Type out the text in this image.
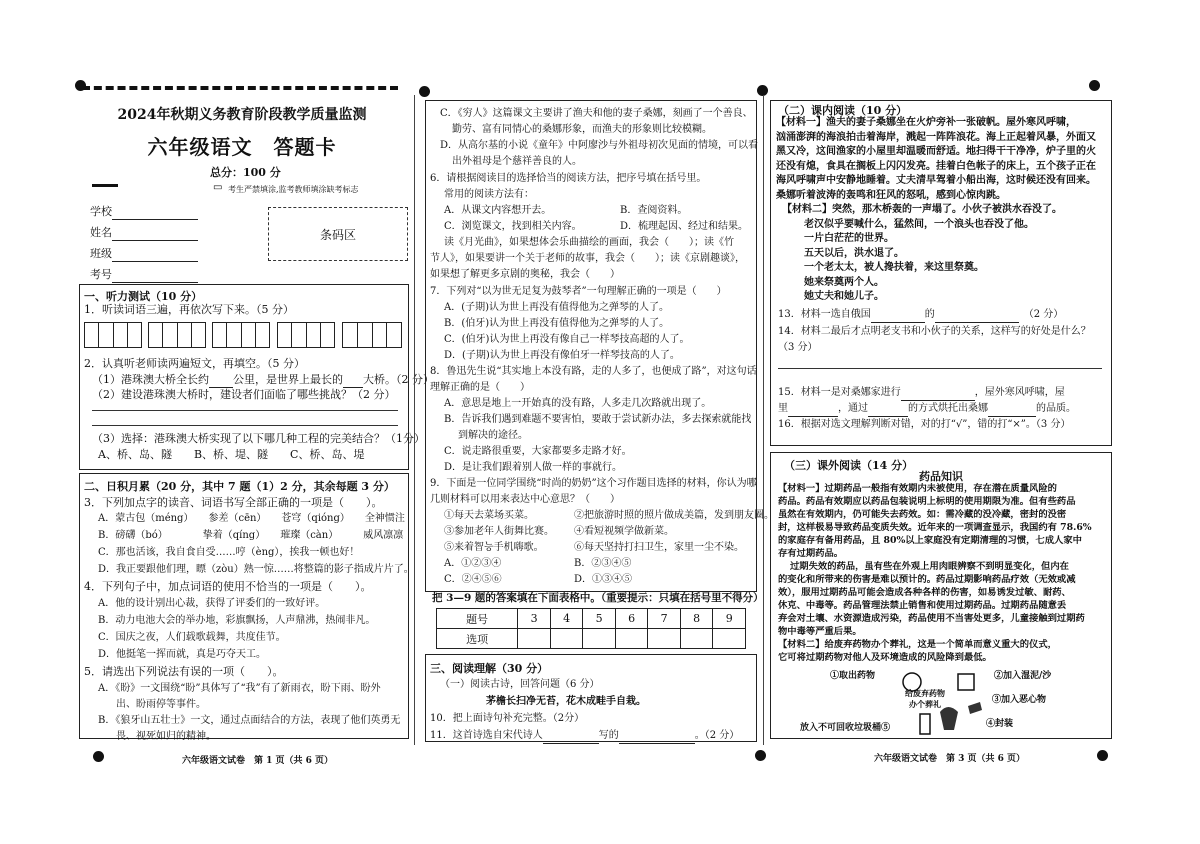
2024年秋期义务教育阶段教学质量监测
六年级语文　答题卡
总分：100 分
▭ 考生严禁填涂,监考教师填涂缺考标志
学校
姓名
班级
考号
条码区
一、听力测试（10 分）
1．听读词语三遍，再依次写下来。（5 分）
2．认真听老师读两遍短文，再填空。（5 分）
（1）港珠澳大桥全长约 公里，是世界上最长的 大桥。（2 分）
（2）建设港珠澳大桥时，建设者们面临了哪些挑战？（2 分）
（3）选择：港珠澳大桥实现了以下哪几种工程的完美结合？（1分）
A、桥、岛、隧　　B、桥、堤、隧　　C、桥、岛、堤
二、日积月累（20 分，其中 7 题（1）2 分，其余每题 3 分）
3．下列加点字的读音、词语书写全部正确的一项是（　　）。
A．蒙古包（méng）　　参差（cēn）　　苍穹（qióng）　　全神惯注
B．磅礴（bó）　　　　挚着（qíng）　　璀璨（càn）　　　威风凛凛
C．那也活该，我自食自受……哼（èng），挨我一顿也好！
D．我正要跟他们理，瞟（zòu）熟一惊……将整篇的影子指成片片了。
4．下列句子中，加点词语的使用不恰当的一项是（　　）。
A．他的设计别出心裁，获得了评委们的一致好评。
B．动力电池大会的举办地，彩旗飘扬，人声鼎沸，热闹非凡。
C．国庆之夜，人们载歌载舞，共度佳节。
D．他挺笔一挥而就，真是巧夺天工。
5．请选出下列说法有误的一项（　　）。
A．《盼》一文围绕“盼”具体写了“我”有了新雨衣，盼下雨、盼外
出、盼雨停等事件。
B．《狼牙山五壮士》一文，通过点面结合的方法，表现了他们英勇无
畏、视死如归的精神。
六年级语文试卷　第 1 页（共 6 页）
C．《穷人》这篇课文主要讲了渔夫和他的妻子桑娜，刻画了一个善良、
勤劳、富有同情心的桑娜形象，而渔夫的形象则比较模糊。
D．从高尔基的小说《童年》中阿廖沙与外祖母初次见面的情境，可以看
出外祖母是个慈祥善良的人。
6．请根据阅读目的选择恰当的阅读方法，把序号填在括号里。
常用的阅读方法有：
A．从课文内容想开去。	B．查阅资料。
C．浏览课文，找到相关内容。	D．梳理起因、经过和结果。
读《月光曲》，如果想体会乐曲描绘的画面，我会（　　）；读《竹
节人》，如果要讲一个关于老师的故事，我会（　　）；读《京剧趣谈》，
如果想了解更多京剧的奥秘，我会（　　）
7．下列对“以为世无足复为鼓琴者”一句理解正确的一项是（　　）
A．(子期)认为世上再没有值得他为之弹琴的人了。
B．(伯牙)认为世上再没有值得他为之弹琴的人了。
C．(伯牙)认为世上再没有像自己一样琴技高超的人了。
D．(子期)认为世上再没有像伯牙一样琴技高的人了。
8．鲁迅先生说“其实地上本没有路，走的人多了，也便成了路”，对这句话
理解正确的是（　　）
A．意思是地上一开始真的没有路，人多走几次路就出现了。
B．告诉我们遇到难题不要害怕，要敢于尝试新办法，多去探索就能找
到解决的途径。
C．说走路很重要，大家都要多走路才好。
D．是让我们跟着别人做一样的事就行。
9．下面是一位同学围绕“时尚的奶奶”这个习作题目选择的材料，你认为哪
几则材料可以用来表达中心意思？（　　）
①每天去菜场买菜。	②把旅游时照的照片做成美篇，发到朋友圈。
③参加老年人街舞比赛。 ④看短视频学做新菜。
⑤来着智능手机嗨歌。	⑥每天坚持打扫卫生，家里一尘不染。
A．①②③④	B．②③④⑤
C．②④⑤⑥	D．①③④⑤
把 3—9 题的答案填在下面表格中。（重要提示：只填在括号里不得分）
题号	3	4	5	6	7	8	9
选项							
三、阅读理解（30 分）
（一）阅读古诗，回答问题（6 分）
茅檐长扫净无苔，花木成畦手自栽。
（二）课内阅读（10 分）
【材料一】渔夫的妻子桑娜坐在火炉旁补一张破帆。屋外寒风呼啸，
汹涌澎湃的海浪拍击着海岸，溅起一阵阵浪花。海上正起着风暴，外面又
黑又冷，这间渔家的小屋里却温暖而舒适。地扫得干干净净，炉子里的火
还没有熄，食具在搁板上闪闪发亮。挂着白色帐子的床上，五个孩子正在
海风呼啸声中安静地睡着。丈夫清早驾着小船出海，这时候还没有回来。
桑娜听着波涛的轰鸣和狂风的怒吼，感到心惊肉跳。
【材料二】突然，那木桥轰的一声塌了。小伙子被洪水吞没了。
老汉似乎要喊什么，猛然间，一个浪头也吞没了他。
一片白茫茫的世界。
五天以后，洪水退了。
一个老太太，被人搀扶着，来这里祭奠。
她来祭奠两个人。
她丈夫和她儿子。
13．材料一选自俄国	的　	（2 分）
14．材料二最后才点明老支书和小伙子的关系，这样写的好处是什么？
（3 分）
（三）课外阅读（14 分）
药品知识
【材料一】过期药品一般指有效期内未被使用，存在潜在质量风险的
药品。药品有效期应以药品包装说明上标明的使用期限为准。但有些药品
虽然在有效期内，仍可能失去药效。如：需冷藏的没冷藏，密封的没密
封，这样极易导致药品变质失效。近年来的一项调查显示，我国约有 78.6%
的家庭存有备用药品，且 80%以上家庭没有定期清理的习惯，七成人家中
存有过期药品。
过期失效的药品，虽有些在外观上用肉眼辨察不到明显变化，但内在
的变化和所带来的伤害是难以预计的。药品过期影响药品疗效（无效或减
效），服用过期药品可能会造成各种各样的伤害，如易诱发过敏、耐药、
休克、中毒等。药品管理法禁止销售和使用过期药品。过期药品随意丢
弃会对土壤、水资源造成污染，药品使用不当害处更多，儿童接触到过期药
物中毒等严重后果。
【材料二】给废弃药物办个葬礼，这是一个简单而意义重大的仪式，
它可将过期药物对他人及环境造成的风险降到最低。
①取出药物	②加入湿泥/沙
给废弃药物办个葬礼	③加入恶心物
④封装
放入不可回收垃圾桶⑤
六年级语文试卷　第 3 页（共 6 页）
10．把上面诗句补充完整。（2分）
11．这首诗选自宋代诗人	写的	。（2 分）
15．材料一是对桑娜家进行	，屋外寒风呼啸，屋
里	，通过	的方式烘托出桑娜	的品质。
16．根据对选文理解判断对错，对的打“√”，错的打“×”。（3 分）
